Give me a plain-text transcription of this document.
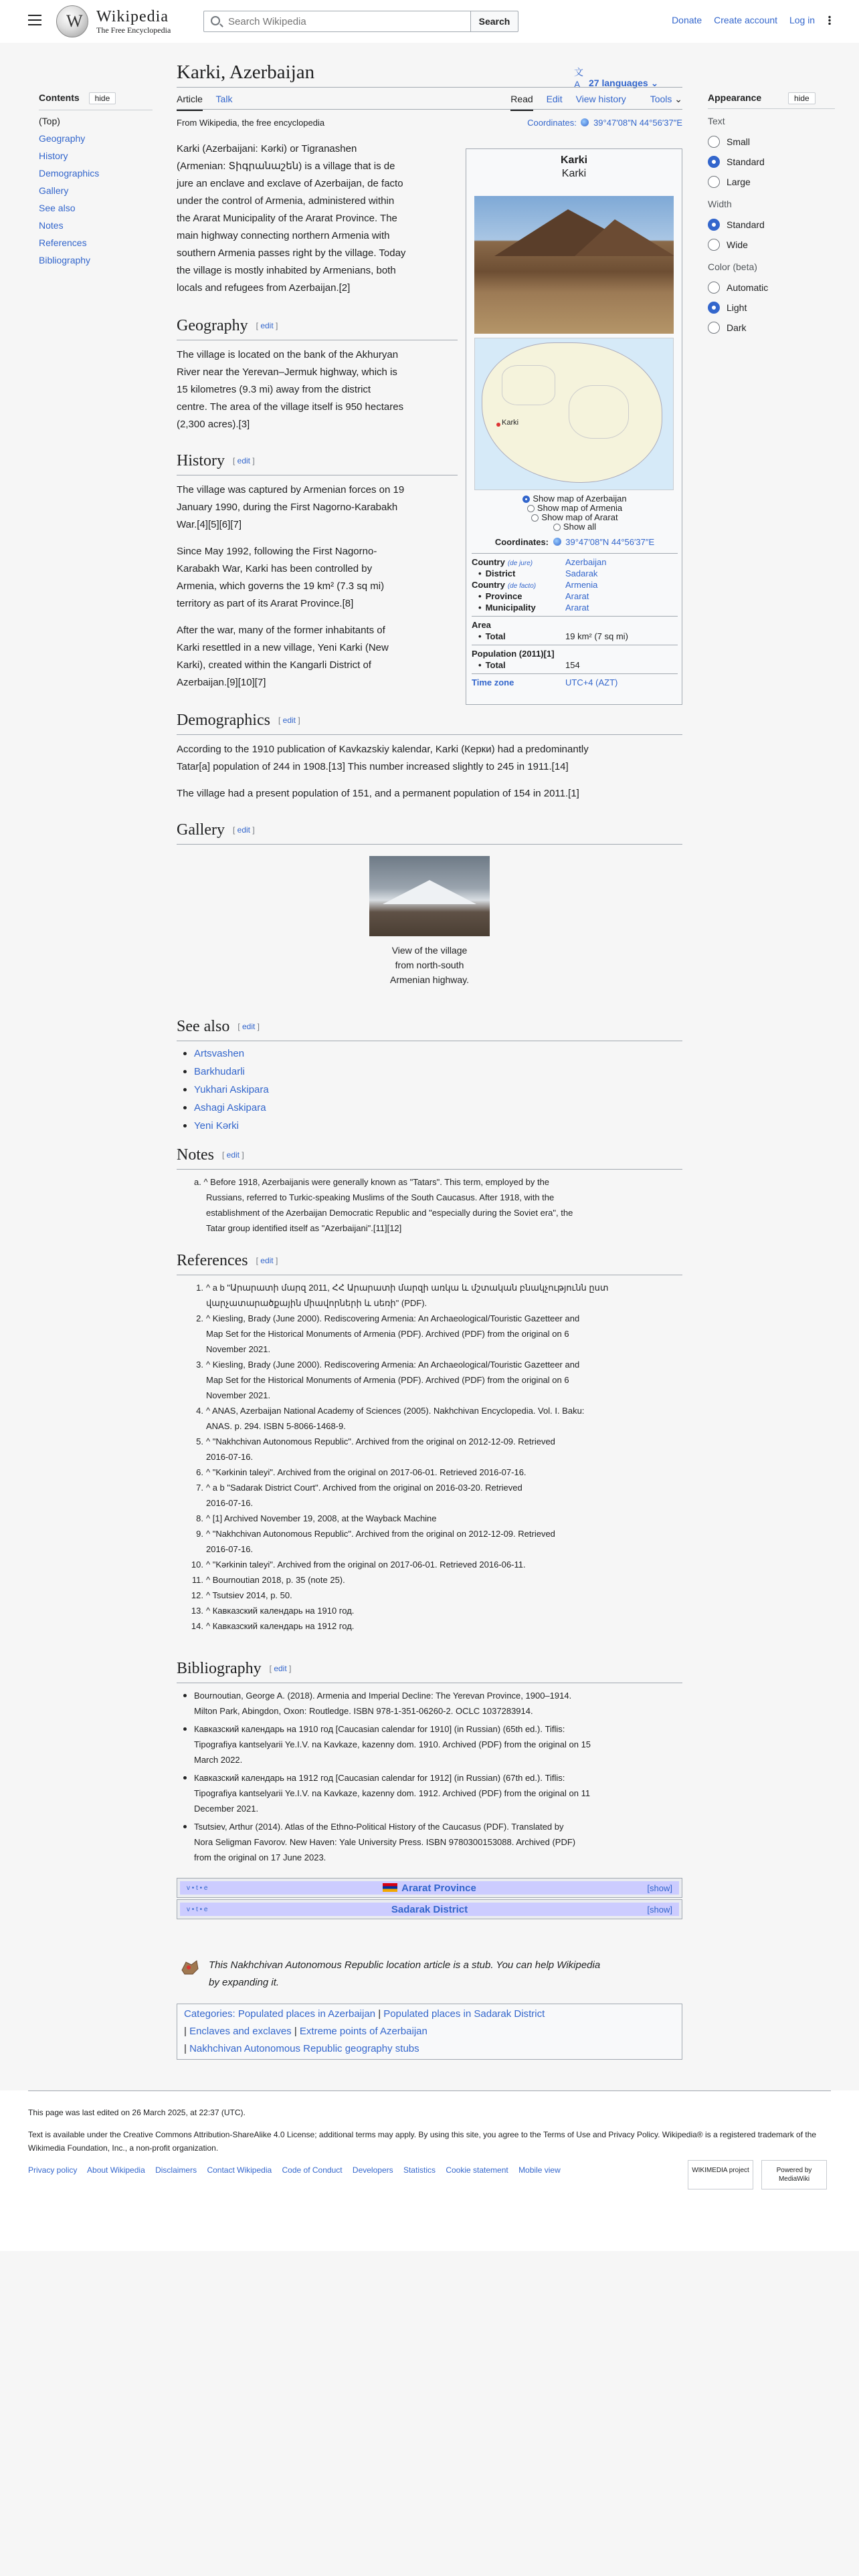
W Wikipedia
The Free Encyclopedia
Search Wikipedia
Search	Donate Create account Log in
Contents hide
(Top)
Geography
History
Demographics
Gallery
See also
Notes
References
Bibliography
Appearance	hide
Text
Small
Standard
Large
Width
Standard
Wide
Color (beta)
Automatic
Light
Dark
Karki, Azerbaijan	文A 27 languages ⌄
Article Talk	Read Edit View history	Tools ⌄
From Wikipedia, the free encyclopedia	Coordinates: 39°47′08″N 44°56′37″E
Karki (Azerbaijani: Kərki) or Tigranashen
(Armenian: Տիգրանաշեն) is a village that is de
jure an enclave and exclave of Azerbaijan, de facto
under the control of Armenia, administered within
the Ararat Municipality of the Ararat Province. The
main highway connecting northern Armenia with
southern Armenia passes right by the village. Today
the village is mostly inhabited by Armenians, both
locals and refugees from Azerbaijan.[2]
Karki
Karki
Karki
Show map of Azerbaijan
Show map of Armenia
Show map of Ararat
Show all
Coordinates: 39°47′08″N 44°56′37″E
Country (de jure)	Azerbaijan
• District	Sadarak
Country (de facto)	Armenia
• Province	Ararat
• Municipality	Ararat
Area
• Total	19 km² (7 sq mi)
Population (2011)[1]
• Total	154
Time zone	UTC+4 (AZT)
Geography [ edit ]
The village is located on the bank of the Akhuryan
River near the Yerevan–Jermuk highway, which is
15 kilometres (9.3 mi) away from the district
centre. The area of the village itself is 950 hectares
(2,300 acres).[3]
History [ edit ]
The village was captured by Armenian forces on 19
January 1990, during the First Nagorno-Karabakh
War.[4][5][6][7]
Since May 1992, following the First Nagorno-
Karabakh War, Karki has been controlled by
Armenia, which governs the 19 km² (7.3 sq mi)
territory as part of its Ararat Province.[8]
After the war, many of the former inhabitants of
Karki resettled in a new village, Yeni Karki (New
Karki), created within the Kangarli District of
Azerbaijan.[9][10][7]
Demographics [ edit ]
According to the 1910 publication of Kavkazskiy kalendar, Karki (Керки) had a predominantly
Tatar[a] population of 244 in 1908.[13] This number increased slightly to 245 in 1911.[14]
The village had a present population of 151, and a permanent population of 154 in 2011.[1]
Gallery [ edit ]
View of the village
from north-south
Armenian highway.
See also [ edit ]
Artsvashen
Barkhudarli
Yukhari Askipara
Ashagi Askipara
Yeni Kərki
Notes [ edit ]
a. ^ Before 1918, Azerbaijanis were generally known as "Tatars". This term, employed by the
Russians, referred to Turkic-speaking Muslims of the South Caucasus. After 1918, with the
establishment of the Azerbaijan Democratic Republic and "especially during the Soviet era", the
Tatar group identified itself as "Azerbaijani".[11][12]
References [ edit ]
1. ^ a b "Արարատի մարզ 2011, ՀՀ Արարատի մարզի առկա և մշտական բնակչությունն ըստ
վարչատարածքային միավորների և սեռի" (PDF).
2. ^ Kiesling, Brady (June 2000). Rediscovering Armenia: An Archaeological/Touristic Gazetteer and
Map Set for the Historical Monuments of Armenia (PDF). Archived (PDF) from the original on 6
November 2021.
3. ^ Kiesling, Brady (June 2000). Rediscovering Armenia: An Archaeological/Touristic Gazetteer and
Map Set for the Historical Monuments of Armenia (PDF). Archived (PDF) from the original on 6
November 2021.
4. ^ ANAS, Azerbaijan National Academy of Sciences (2005). Nakhchivan Encyclopedia. Vol. I. Baku:
ANAS. p. 294. ISBN 5-8066-1468-9.
5. ^ "Nakhchivan Autonomous Republic". Archived from the original on 2012-12-09. Retrieved
2016-07-16.
6. ^ "Kərkinin taleyi". Archived from the original on 2017-06-01. Retrieved 2016-07-16.
7. ^ a b "Sadarak District Court". Archived from the original on 2016-03-20. Retrieved
2016-07-16.
8. ^ [1] Archived November 19, 2008, at the Wayback Machine
9. ^ "Nakhchivan Autonomous Republic". Archived from the original on 2012-12-09. Retrieved
2016-07-16.
10. ^ "Kərkinin taleyi". Archived from the original on 2017-06-01. Retrieved 2016-06-11.
11. ^ Bournoutian 2018, p. 35 (note 25).
12. ^ Tsutsiev 2014, p. 50.
13. ^ Кавказский календарь на 1910 год.
14. ^ Кавказский календарь на 1912 год.
Bibliography [ edit ]
Bournoutian, George A. (2018). Armenia and Imperial Decline: The Yerevan Province, 1900–1914.
Milton Park, Abingdon, Oxon: Routledge. ISBN 978-1-351-06260-2. OCLC 1037283914.
Кавказский календарь на 1910 год [Caucasian calendar for 1910] (in Russian) (65th ed.). Tiflis:
Tipografiya kantselyarii Ye.I.V. na Kavkaze, kazenny dom. 1910. Archived (PDF) from the original on 15
March 2022.
Кавказский календарь на 1912 год [Caucasian calendar for 1912] (in Russian) (67th ed.). Tiflis:
Tipografiya kantselyarii Ye.I.V. na Kavkaze, kazenny dom. 1912. Archived (PDF) from the original on 11
December 2021.
Tsutsiev, Arthur (2014). Atlas of the Ethno-Political History of the Caucasus (PDF). Translated by
Nora Seligman Favorov. New Haven: Yale University Press. ISBN 9780300153088. Archived (PDF)
from the original on 17 June 2023.
v • t • e	Ararat Province	[show]
v • t • e	Sadarak District	[show]
This Nakhchivan Autonomous Republic location article is a stub. You can help Wikipedia
by expanding it.
Categories: Populated places in Azerbaijan | Populated places in Sadarak District
| Enclaves and exclaves | Extreme points of Azerbaijan
| Nakhchivan Autonomous Republic geography stubs
This page was last edited on 26 March 2025, at 22:37 (UTC).
Text is available under the Creative Commons Attribution-ShareAlike 4.0 License; additional terms may apply. By using this site, you agree to the Terms of Use and Privacy Policy. Wikipedia® is a registered trademark of the Wikimedia Foundation, Inc., a non-profit organization.
Privacy policy About Wikipedia Disclaimers Contact Wikipedia Code of Conduct Developers Statistics Cookie statement Mobile view	WIKIMEDIA project	Powered by MediaWiki
